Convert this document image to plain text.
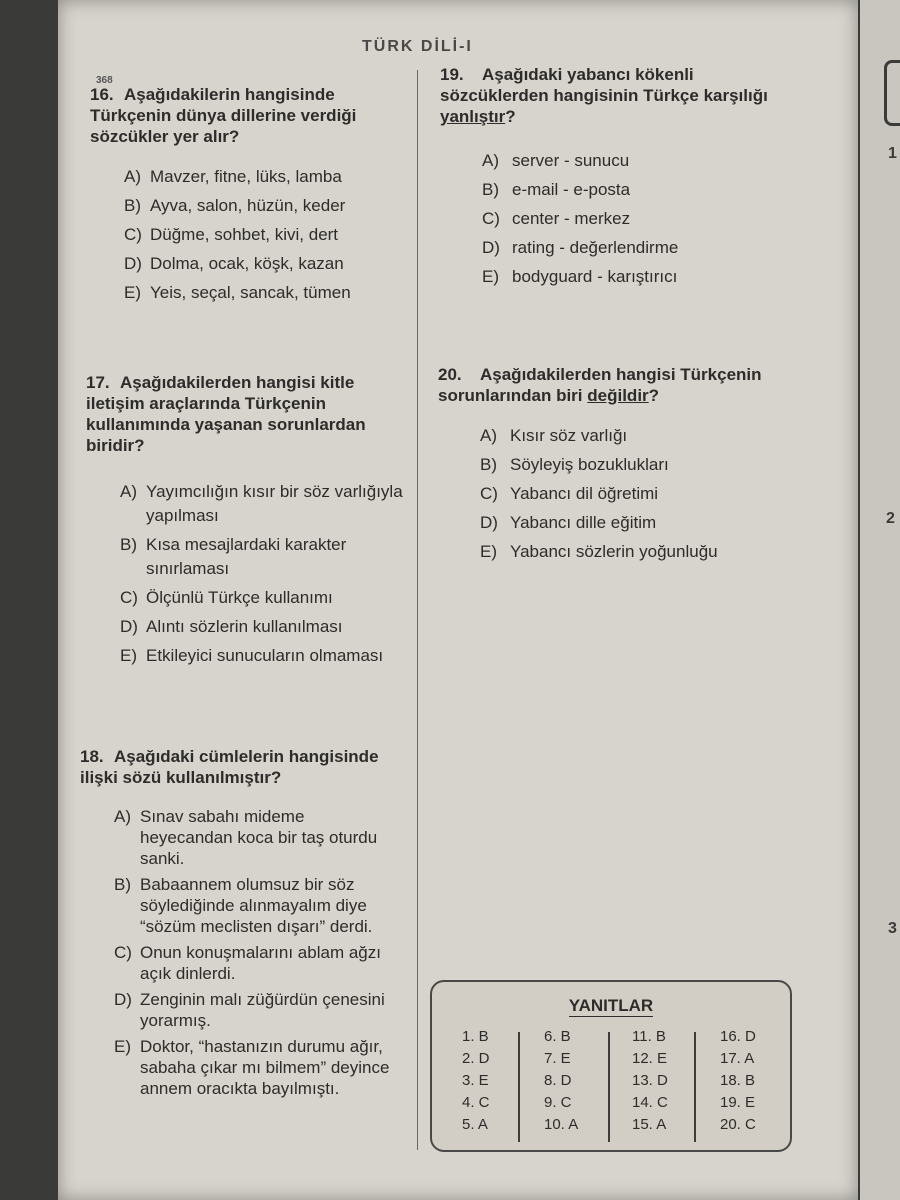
1
2
3
TÜRK DİLİ-I
368
16. Aşağıdakilerin hangisinde Türkçenin dünya dillerine verdiği sözcükler yer alır?
A) Mavzer, fitne, lüks, lamba
B) Ayva, salon, hüzün, keder
C) Düğme, sohbet, kivi, dert
D) Dolma, ocak, köşk, kazan
E) Yeis, seçal, sancak, tümen
17. Aşağıdakilerden hangisi kitle iletişim araçlarında Türkçenin kullanımında yaşanan sorunlardan biridir?
A) Yayımcılığın kısır bir söz varlığıyla yapılması
B) Kısa mesajlardaki karakter sınırlaması
C) Ölçünlü Türkçe kullanımı
D) Alıntı sözlerin kullanılması
E) Etkileyici sunucuların olmaması
18. Aşağıdaki cümlelerin hangisinde ilişki sözü kullanılmıştır?
A) Sınav sabahı mideme heyecandan koca bir taş oturdu sanki.
B) Babaannem olumsuz bir söz söylediğinde alınmayalım diye “sözüm meclisten dışarı” derdi.
C) Onun konuşmalarını ablam ağzı açık dinlerdi.
D) Zenginin malı züğürdün çenesini yorarmış.
E) Doktor, “hastanızın durumu ağır, sabaha çıkar mı bilmem” deyince annem oracıkta bayılmıştı.
19. Aşağıdaki yabancı kökenli sözcüklerden hangisinin Türkçe karşılığı yanlıştır?
A) server - sunucu
B) e-mail - e-posta
C) center - merkez
D) rating - değerlendirme
E) bodyguard - karıştırıcı
20. Aşağıdakilerden hangisi Türkçenin sorunlarından biri değildir?
A) Kısır söz varlığı
B) Söyleyiş bozuklukları
C) Yabancı dil öğretimi
D) Yabancı dille eğitim
E) Yabancı sözlerin yoğunluğu
YANITLAR
1. B
2. D
3. E
4. C
5. A
6. B
7. E
8. D
9. C
10. A
11. B
12. E
13. D
14. C
15. A
16. D
17. A
18. B
19. E
20. C
